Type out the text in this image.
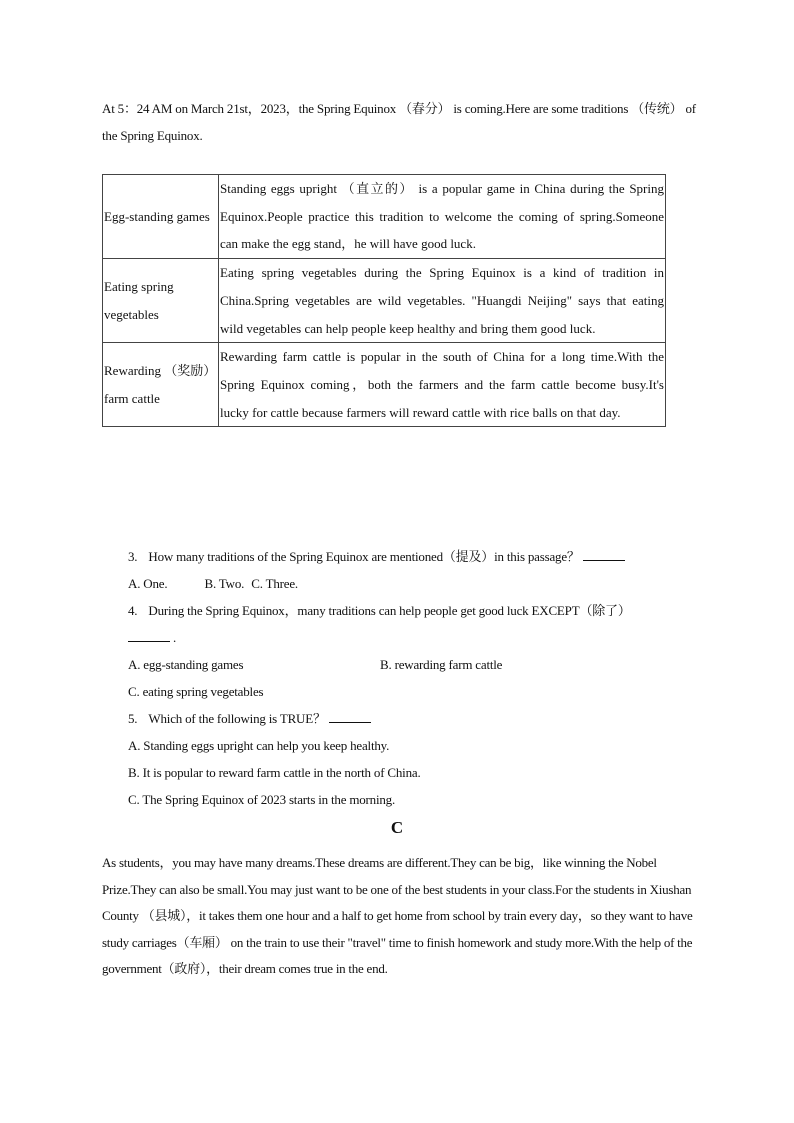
At 5：24 AM on March 21st，2023，the Spring Equinox （春分） is coming.Here are some traditions （传统） of the Spring Equinox.

Egg-standing games	Standing eggs upright （直立的） is a popular game in China during the Spring Equinox.People practice this tradition to welcome the coming of spring.Someone can make the egg stand，he will have good luck.
Eating spring vegetables	Eating spring vegetables during the Spring Equinox is a kind of tradition in China.Spring vegetables are wild vegetables. "Huangdi Neijing" says that eating wild vegetables can help people keep healthy and bring them good luck.
Rewarding （奖励） farm cattle	Rewarding farm cattle is popular in the south of China for a long time.With the Spring Equinox coming，both the farmers and the farm cattle become busy.It's lucky for cattle because farmers will reward cattle with rice balls on that day.
3. How many traditions of the Spring Equinox are mentioned（提及）in this passage？
A. One.	B. Two. C. Three.
4. During the Spring Equinox，many traditions can help people get good luck EXCEPT（除了）
.
A. egg-standing games	B. rewarding farm cattle
C. eating spring vegetables
5. Which of the following is TRUE？
A. Standing eggs upright can help you keep healthy.
B. It is popular to reward farm cattle in the north of China.
C. The Spring Equinox of 2023 starts in the morning.
C

As students，you may have many dreams.These dreams are different.They can be big，like winning the Nobel Prize.They can also be small.You may just want to be one of the best students in your class.For the students in Xiushan County （县城），it takes them one hour and a half to get home from school by train every day，so they want to have study carriages（车厢） on the train to use their "travel" time to finish homework and study more.With the help of the government（政府），their dream comes true in the end.
